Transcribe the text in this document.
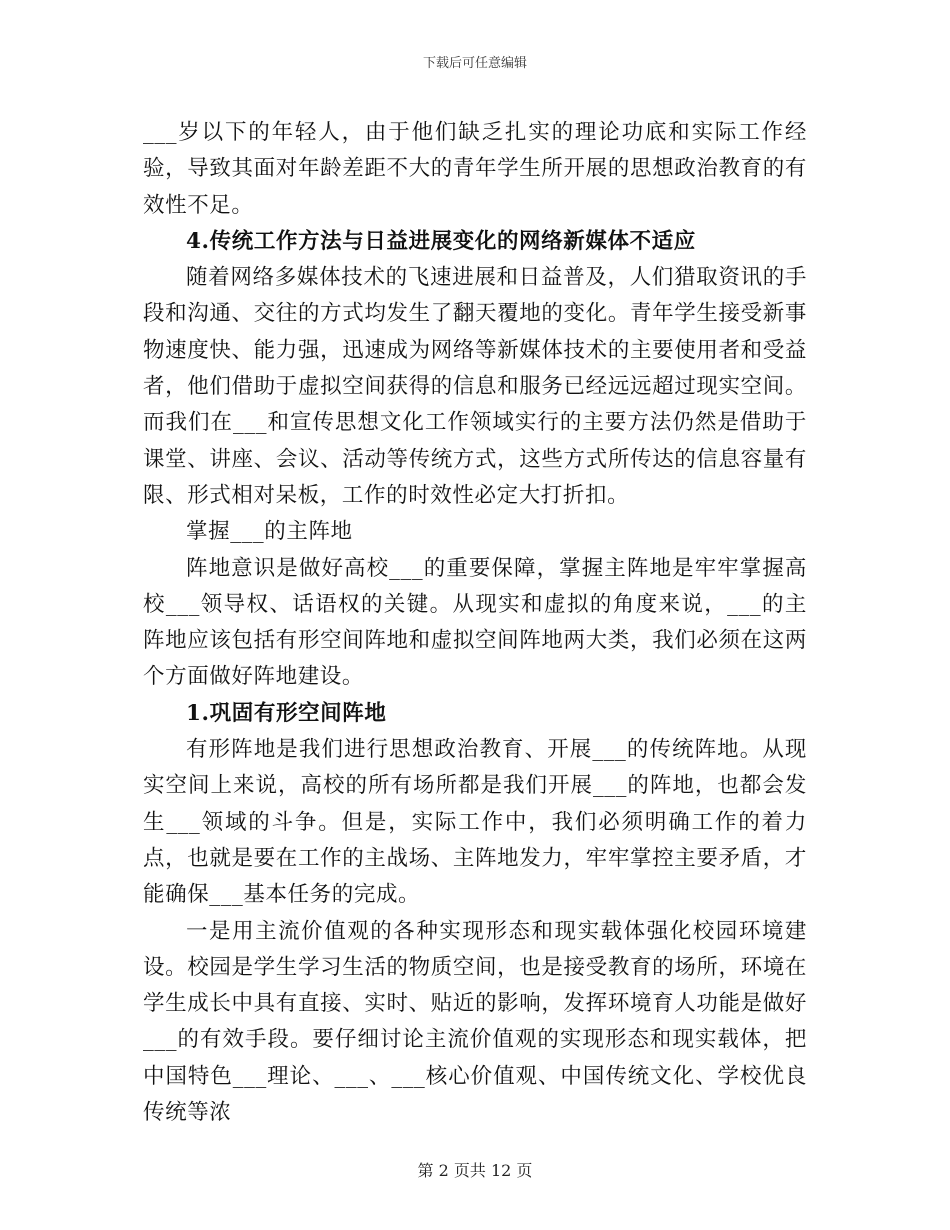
下载后可任意编辑

___岁以下的年轻人，由于他们缺乏扎实的理论功底和实际工作经验，导致其面对年龄差距不大的青年学生所开展的思想政治教育的有效性不足。

4.传统工作方法与日益进展变化的网络新媒体不适应

随着网络多媒体技术的飞速进展和日益普及，人们猎取资讯的手段和沟通、交往的方式均发生了翻天覆地的变化。青年学生接受新事物速度快、能力强，迅速成为网络等新媒体技术的主要使用者和受益者，他们借助于虚拟空间获得的信息和服务已经远远超过现实空间。而我们在___和宣传思想文化工作领域实行的主要方法仍然是借助于课堂、讲座、会议、活动等传统方式，这些方式所传达的信息容量有限、形式相对呆板，工作的时效性必定大打折扣。

掌握___的主阵地

阵地意识是做好高校___的重要保障，掌握主阵地是牢牢掌握高校___领导权、话语权的关键。从现实和虚拟的角度来说，___的主阵地应该包括有形空间阵地和虚拟空间阵地两大类，我们必须在这两个方面做好阵地建设。

1.巩固有形空间阵地

有形阵地是我们进行思想政治教育、开展___的传统阵地。从现实空间上来说，高校的所有场所都是我们开展___的阵地，也都会发生___领域的斗争。但是，实际工作中，我们必须明确工作的着力点，也就是要在工作的主战场、主阵地发力，牢牢掌控主要矛盾，才能确保___基本任务的完成。

一是用主流价值观的各种实现形态和现实载体强化校园环境建设。校园是学生学习生活的物质空间，也是接受教育的场所，环境在学生成长中具有直接、实时、贴近的影响，发挥环境育人功能是做好___的有效手段。要仔细讨论主流价值观的实现形态和现实载体，把中国特色___理论、___、___核心价值观、中国传统文化、学校优良传统等浓

第 2 页共 12 页
